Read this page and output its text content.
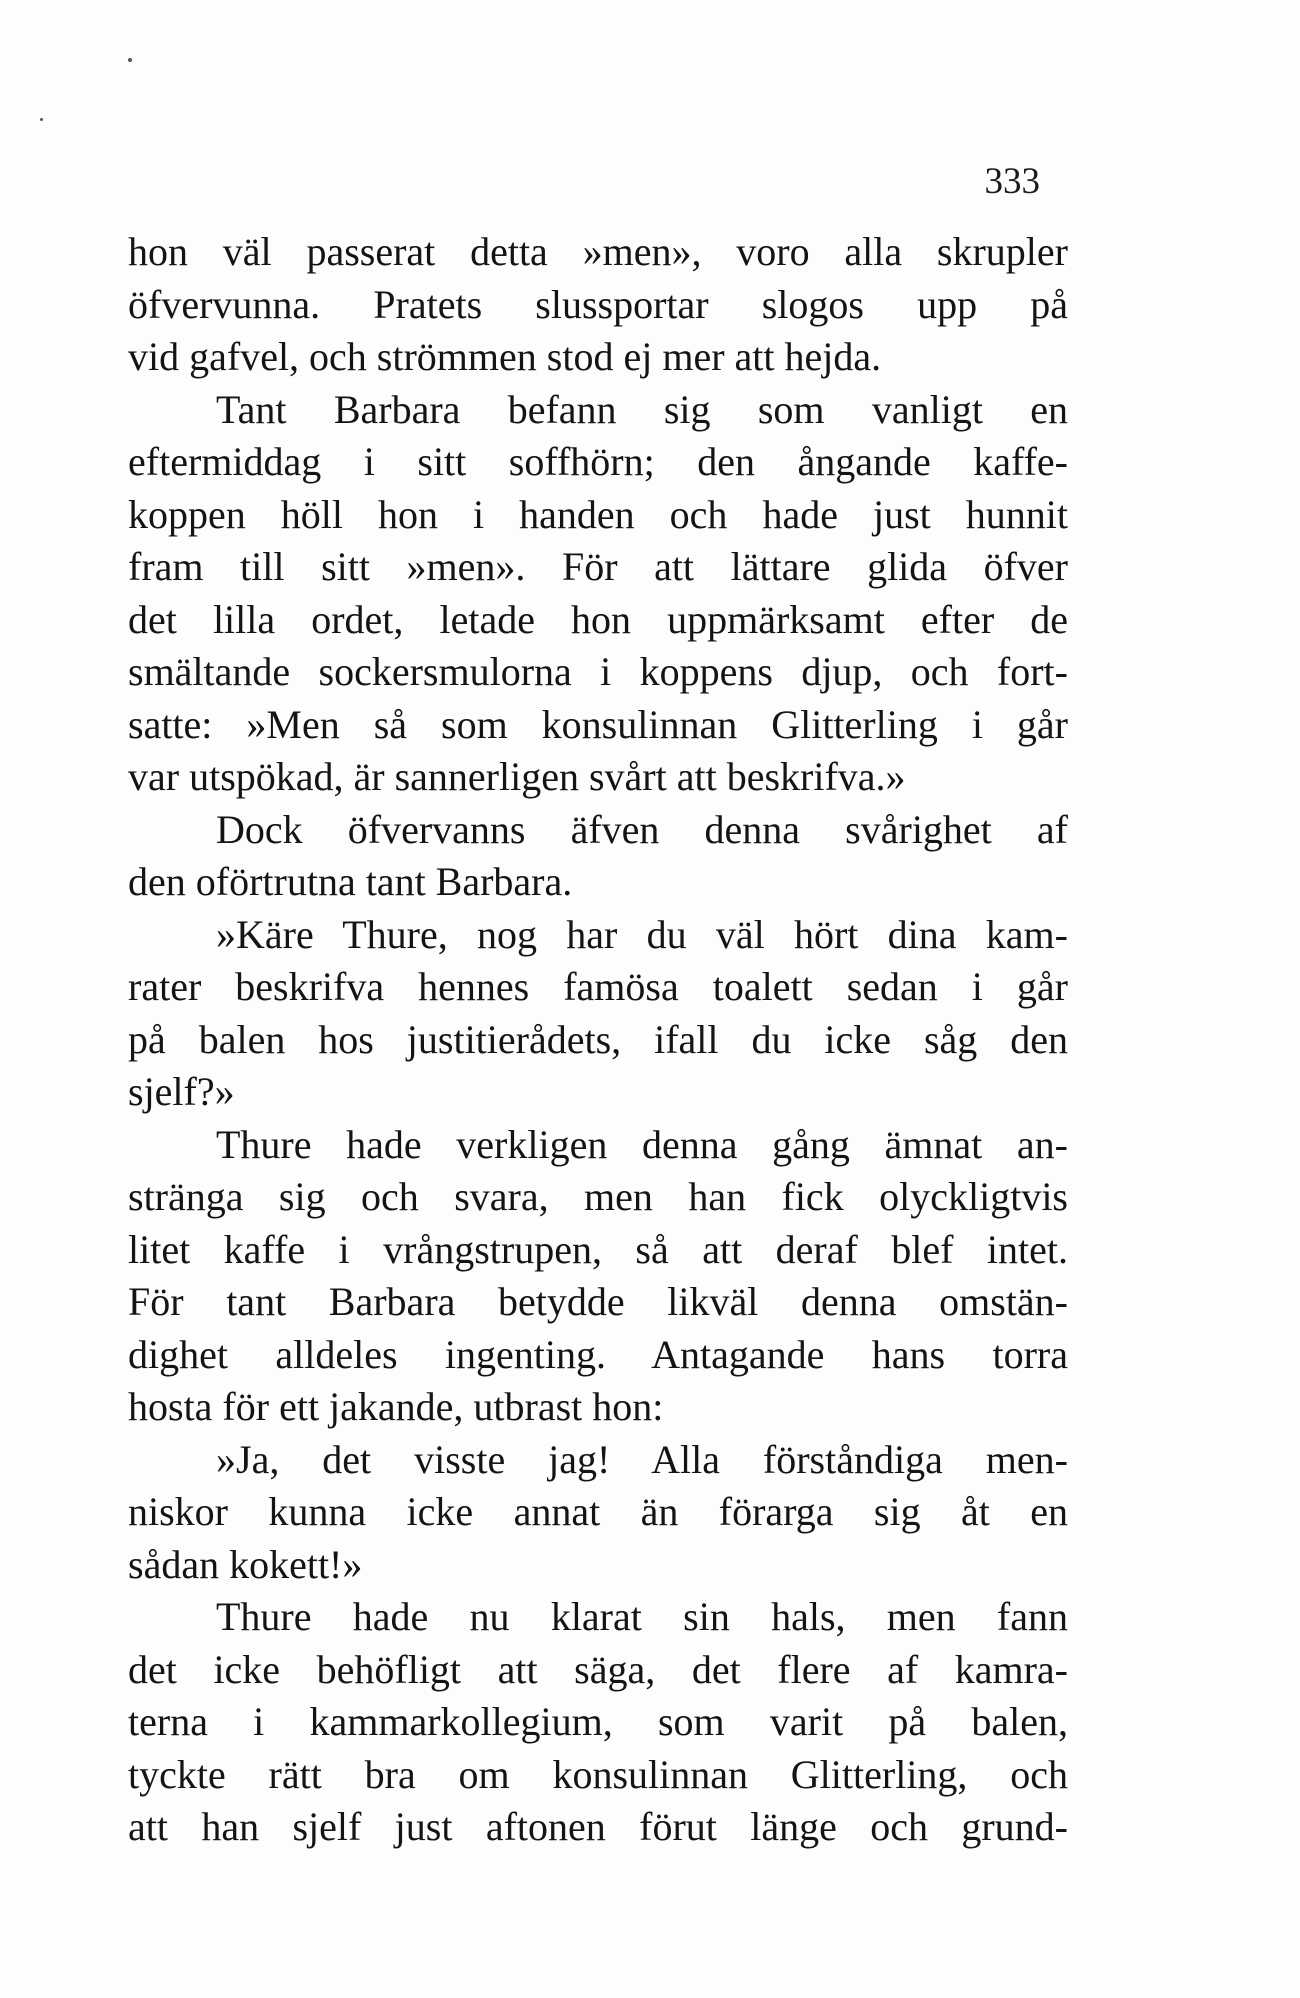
333
hon väl passerat detta »men», voro alla skrupler
öfvervunna. Pratets slussportar slogos upp på
vid gafvel, och strömmen stod ej mer att hejda.
Tant Barbara befann sig som vanligt en
eftermiddag i sitt soffhörn; den ångande kaffe-
koppen höll hon i handen och hade just hunnit
fram till sitt »men». För att lättare glida öfver
det lilla ordet, letade hon uppmärksamt efter de
smältande sockersmulorna i koppens djup, och fort-
satte: »Men så som konsulinnan Glitterling i går
var utspökad, är sannerligen svårt att beskrifva.»
Dock öfvervanns äfven denna svårighet af
den oförtrutna tant Barbara.
»Käre Thure, nog har du väl hört dina kam-
rater beskrifva hennes famösa toalett sedan i går
på balen hos justitierådets, ifall du icke såg den
sjelf?»
Thure hade verkligen denna gång ämnat an-
stränga sig och svara, men han fick olyckligtvis
litet kaffe i vrångstrupen, så att deraf blef intet.
För tant Barbara betydde likväl denna omstän-
dighet alldeles ingenting. Antagande hans torra
hosta för ett jakande, utbrast hon:
»Ja, det visste jag! Alla förståndiga men-
niskor kunna icke annat än förarga sig åt en
sådan kokett!»
Thure hade nu klarat sin hals, men fann
det icke behöfligt att säga, det flere af kamra-
terna i kammarkollegium, som varit på balen,
tyckte rätt bra om konsulinnan Glitterling, och
att han sjelf just aftonen förut länge och grund-
